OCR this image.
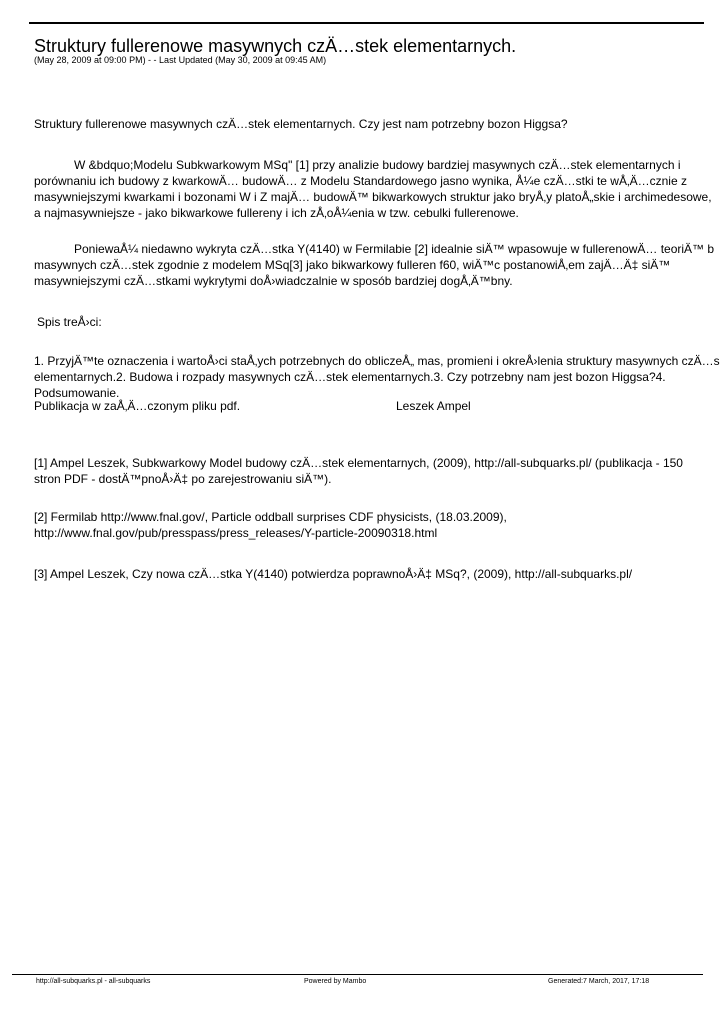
Struktury fullerenowe masywnych czÄ…stek elementarnych.
(May 28, 2009 at 09:00 PM) - - Last Updated (May 30, 2009 at 09:45 AM)
Struktury fullerenowe masywnych czÄ…stek elementarnych. Czy jest nam potrzebny bozon Higgsa?
W &bdquo;Modelu Subkwarkowym MSq" [1] przy analizie budowy bardziej masywnych czÄ…stek elementarnych i
porównaniu ich budowy z kwarkowÄ… budowÄ… z Modelu Standardowego jasno wynika, Å¼e czÄ…stki te wÅ‚Ä…cznie z
masywniejszymi kwarkami i bozonami W i Z majÄ… budowÄ™ bikwarkowych struktur jako bryÅ‚y platoÅ„skie i archimedesowe,
a najmasywniejsze - jako bikwarkowe fullereny i ich zÅ‚oÅ¼enia w tzw. cebulki fullerenowe.
PoniewaÅ¼ niedawno wykryta czÄ…stka Y(4140) w Fermilabie [2] idealnie siÄ™ wpasowuje w fullerenowÄ… teoriÄ™ b
masywnych czÄ…stek zgodnie z modelem MSq[3] jako bikwarkowy fulleren f60, wiÄ™c postanowiÅ‚em zajÄ…Ä‡ siÄ™
masywniejszymi czÄ…stkami wykrytymi doÅ›wiadczalnie w sposób bardziej dogÅ‚Ä™bny.
Spis treÅ›ci:
1. PrzyjÄ™te oznaczenia i wartoÅ›ci staÅ‚ych potrzebnych do obliczeÅ„ mas, promieni i okreÅ›lenia struktury masywnych czÄ…s
elementarnych.2. Budowa i rozpady masywnych czÄ…stek elementarnych.3. Czy potrzebny nam jest bozon Higgsa?4.
Podsumowanie.
Publikacja w zaÅ‚Ä…czonym pliku pdf.	Leszek Ampel
[1] Ampel Leszek, Subkwarkowy Model budowy czÄ…stek elementarnych, (2009), http://all-subquarks.pl/ (publikacja - 150
stron PDF - dostÄ™pnoÅ›Ä‡ po zarejestrowaniu siÄ™).
[2] Fermilab http://www.fnal.gov/, Particle oddball surprises CDF physicists, (18.03.2009),
http://www.fnal.gov/pub/presspass/press_releases/Y-particle-20090318.html
[3] Ampel Leszek, Czy nowa czÄ…stka Y(4140) potwierdza poprawnoÅ›Ä‡ MSq?, (2009), http://all-subquarks.pl/
http://all-subquarks.pl - all-subquarks	Powered by Mambo	Generated:7 March, 2017, 17:18
